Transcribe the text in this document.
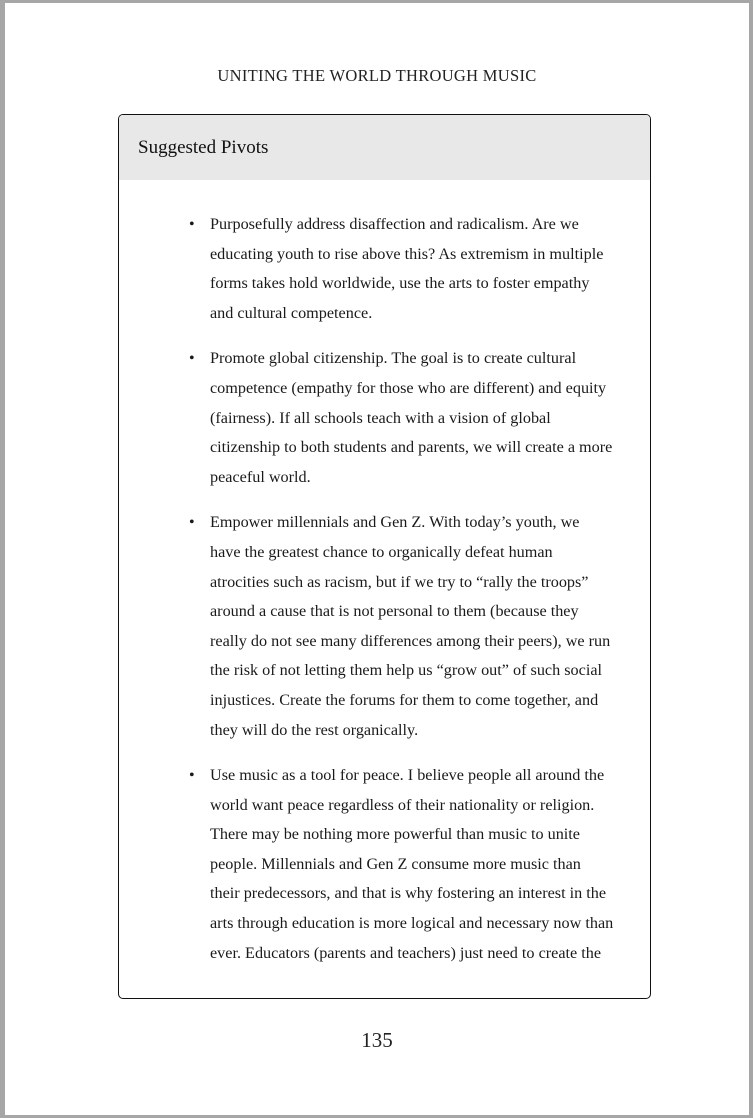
UNITING THE WORLD THROUGH MUSIC
Suggested Pivots
• Purposefully address disaffection and radicalism. Are we educating youth to rise above this? As extremism in multiple forms takes hold worldwide, use the arts to foster empathy and cultural competence.
• Promote global citizenship. The goal is to create cultural competence (empathy for those who are different) and equity (fairness). If all schools teach with a vision of global citizenship to both students and parents, we will create a more peaceful world.
• Empower millennials and Gen Z. With today’s youth, we have the greatest chance to organically defeat human atrocities such as racism, but if we try to “rally the troops” around a cause that is not personal to them (because they really do not see many differences among their peers), we run the risk of not letting them help us “grow out” of such social injustices. Create the forums for them to come together, and they will do the rest organically.
• Use music as a tool for peace. I believe people all around the world want peace regardless of their nationality or religion. There may be nothing more powerful than music to unite people. Millennials and Gen Z consume more music than their predecessors, and that is why fostering an interest in the arts through education is more logical and necessary now than ever. Educators (parents and teachers) just need to create the
135
